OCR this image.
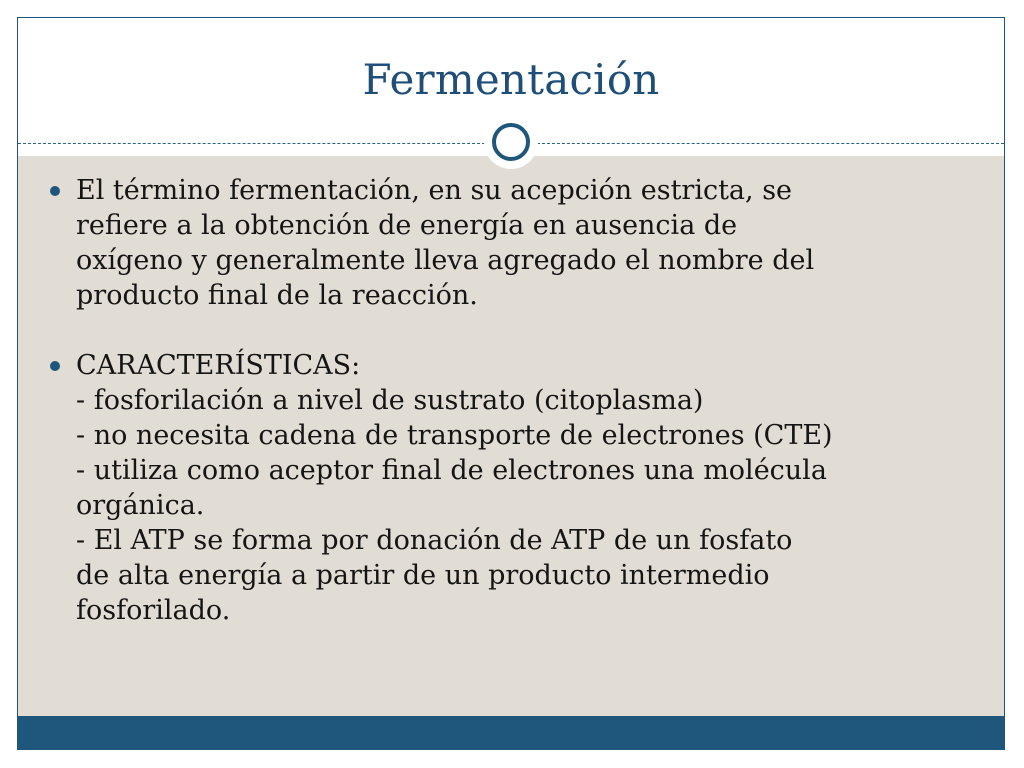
Fermentación
El término fermentación, en su acepción estricta, se
refiere a la obtención de energía en ausencia de
oxígeno y generalmente lleva agregado el nombre del
producto final de la reacción.
CARACTERÍSTICAS:
- fosforilación a nivel de sustrato (citoplasma)
- no necesita cadena de transporte de electrones (CTE)
- utiliza como aceptor final de electrones una molécula
orgánica.
- El ATP se forma por donación de ATP de un fosfato
de alta energía a partir de un producto intermedio
fosforilado.
